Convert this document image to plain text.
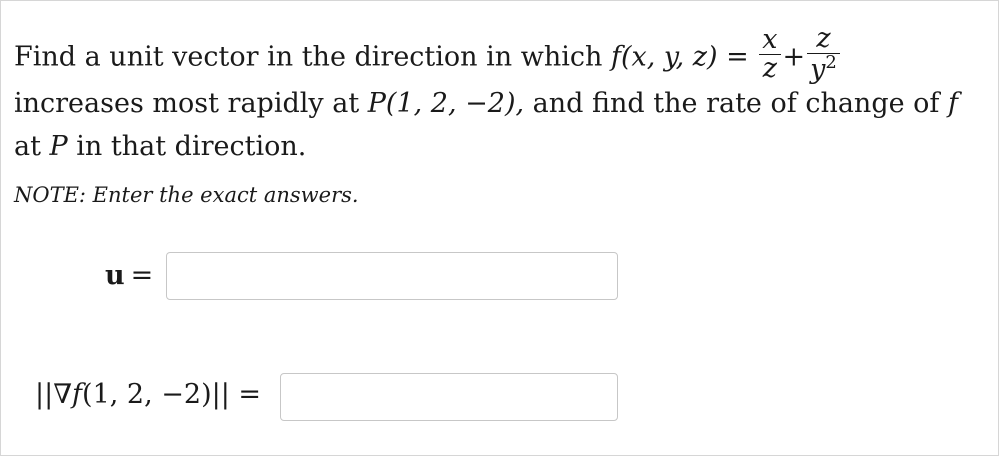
Find a unit vector in the direction in which f(x, y, $z) = \frac{x}{z} + \frac{z}{y^2}$
increases most rapidly at P(1, 2, −2), and find the rate of change of f
at P in that direction.
NOTE: Enter the exact answers.
u =
||∇f(1, 2, −2)|| =
